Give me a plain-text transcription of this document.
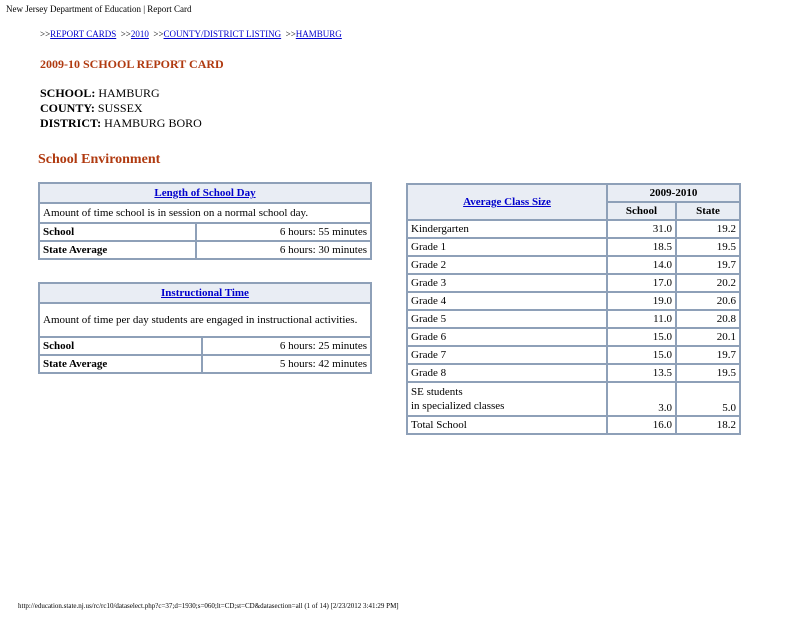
New Jersey Department of Education | Report Card
>>REPORT CARDS >>2010 >>COUNTY/DISTRICT LISTING >>HAMBURG
2009-10 SCHOOL REPORT CARD
SCHOOL: HAMBURG
COUNTY: SUSSEX
DISTRICT: HAMBURG BORO
School Environment
Length of School Day	
Amount of time school is in session on a normal school day.	
School	6 hours: 55 minutes
State Average	6 hours: 30 minutes
Instructional Time	
Amount of time per day students are engaged in instructional activities.	
School	6 hours: 25 minutes
State Average	5 hours: 42 minutes
Average Class Size	2009-2010	
	School	State
Kindergarten	31.0	19.2
Grade 1	18.5	19.5
Grade 2	14.0	19.7
Grade 3	17.0	20.2
Grade 4	19.0	20.6
Grade 5	11.0	20.8
Grade 6	15.0	20.1
Grade 7	15.0	19.7
Grade 8	13.5	19.5
SE students
in specialized classes	3.0	5.0
Total School	16.0	18.2
http://education.state.nj.us/rc/rc10/dataselect.php?c=37;d=1930;s=060;lt=CD;st=CD&datasection=all (1 of 14) [2/23/2012 3:41:29 PM]
